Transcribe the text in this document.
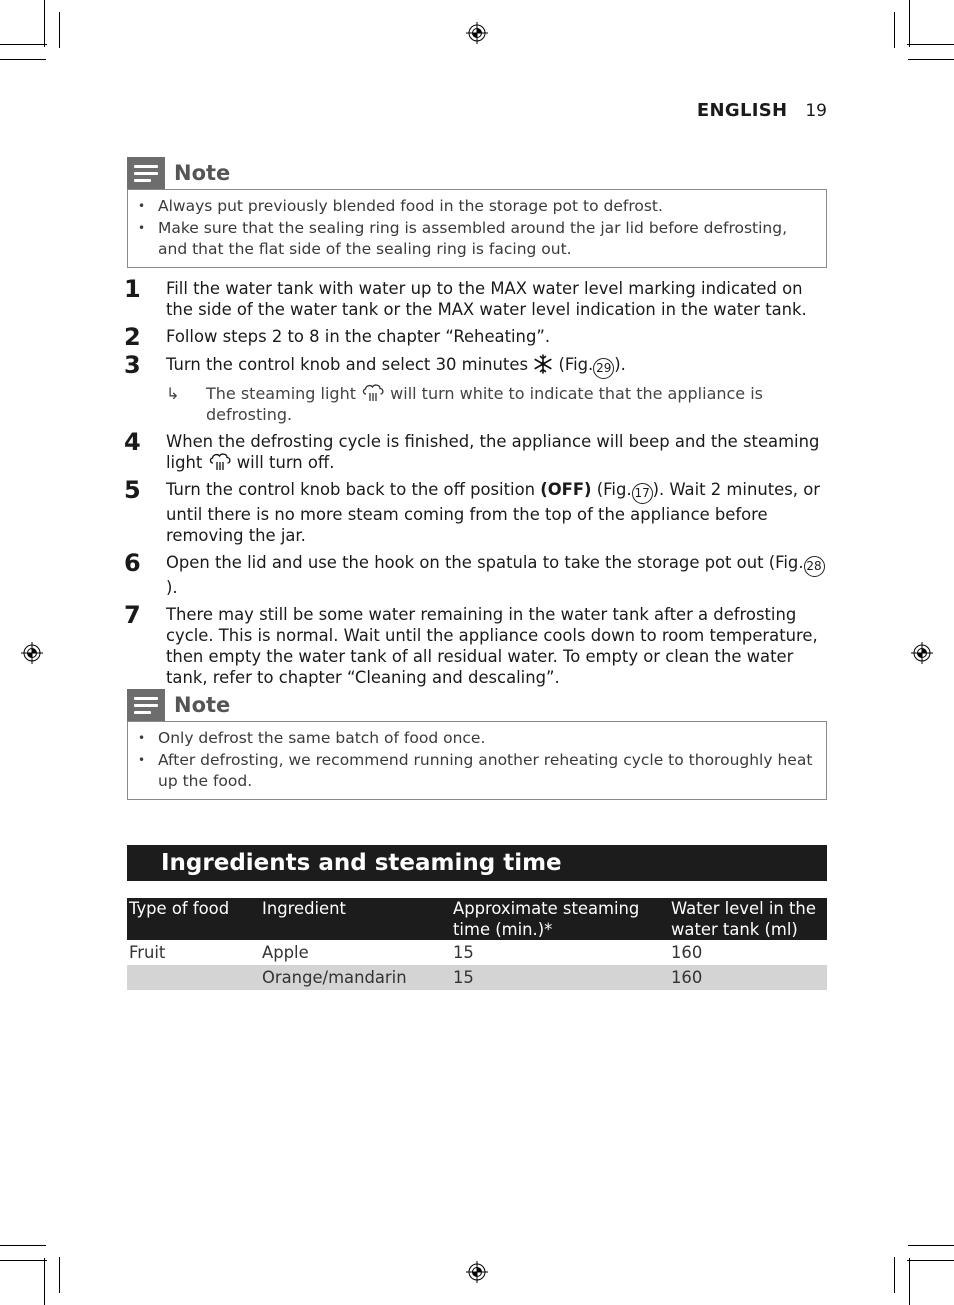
ENGLISH 19
Note
• Always put previously blended food in the storage pot to defrost.
• Make sure that the sealing ring is assembled around the jar lid before defrosting, and that the flat side of the sealing ring is facing out.
1	Fill the water tank with water up to the MAX water level marking indicated on the side of the water tank or the MAX water level indication in the water tank.
2	Follow steps 2 to 8 in the chapter “Reheating”.
3	Turn the control knob and select 30 minutes (Fig. 29 ).
↳	The steaming light will turn white to indicate that the appliance is defrosting.
4	When the defrosting cycle is finished, the appliance will beep and the steaming light will turn off.
5	Turn the control knob back to the off position (OFF) (Fig. 17 ). Wait 2 minutes, or until there is no more steam coming from the top of the appliance before removing the jar.
6	Open the lid and use the hook on the spatula to take the storage pot out (Fig. 28).
7	There may still be some water remaining in the water tank after a defrosting cycle. This is normal. Wait until the appliance cools down to room temperature, then empty the water tank of all residual water. To empty or clean the water tank, refer to chapter “Cleaning and descaling”.
Note
• Only defrost the same batch of food once.
• After defrosting, we recommend running another reheating cycle to thoroughly heat up the food.
Ingredients and steaming time
Type of food	Ingredient	Approximate steaming time (min.)*	Water level in the water tank (ml)
Fruit	Apple	15	160
	Orange/mandarin	15	160
